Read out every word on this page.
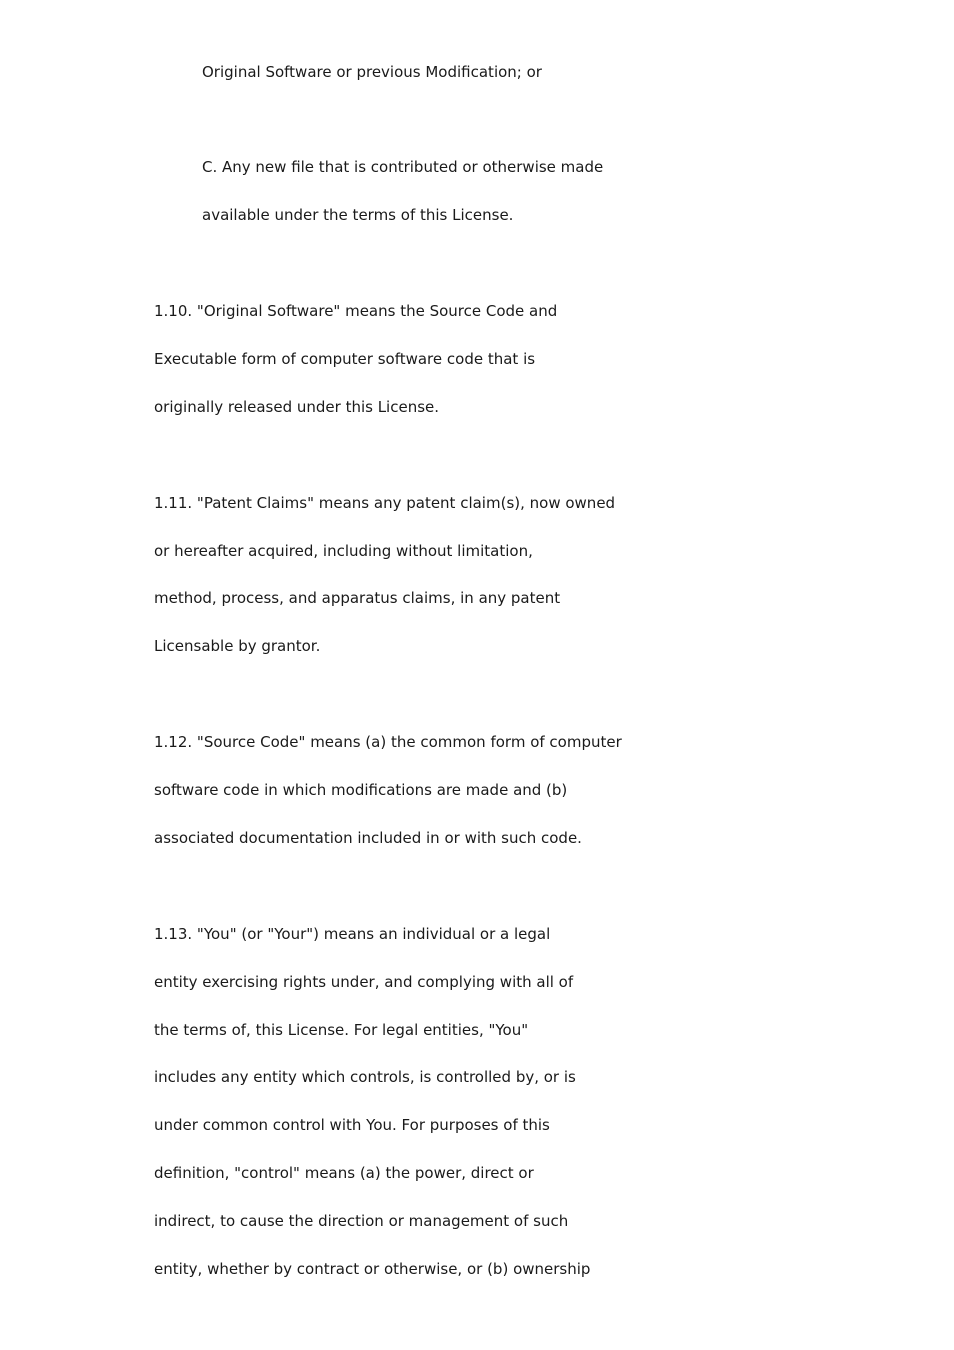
Original Software or previous Modification; or
C. Any new file that is contributed or otherwise made
available under the terms of this License.
1.10. "Original Software" means the Source Code and
Executable form of computer software code that is
originally released under this License.
1.11. "Patent Claims" means any patent claim(s), now owned
or hereafter acquired, including without limitation,
method, process, and apparatus claims, in any patent
Licensable by grantor.
1.12. "Source Code" means (a) the common form of computer
software code in which modifications are made and (b)
associated documentation included in or with such code.
1.13. "You" (or "Your") means an individual or a legal
entity exercising rights under, and complying with all of
the terms of, this License. For legal entities, "You"
includes any entity which controls, is controlled by, or is
under common control with You. For purposes of this
definition, "control" means (a) the power, direct or
indirect, to cause the direction or management of such
entity, whether by contract or otherwise, or (b) ownership
